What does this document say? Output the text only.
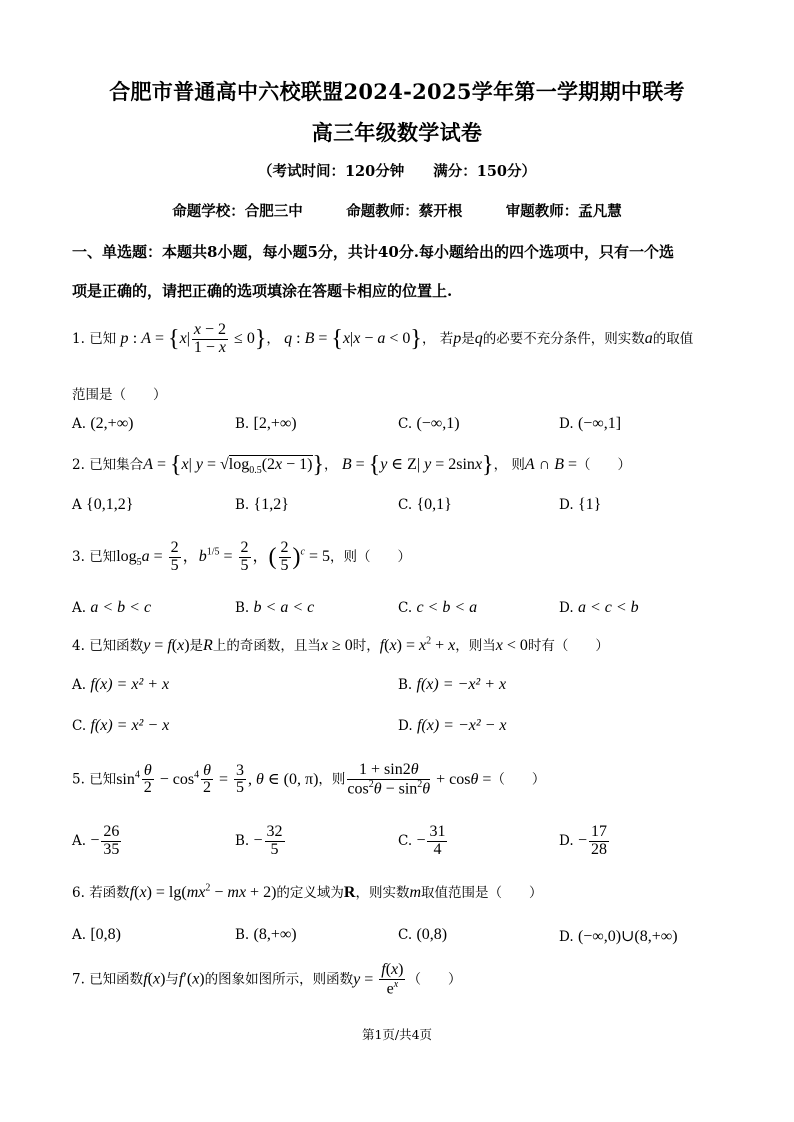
合肥市普通高中六校联盟2024-2025学年第一学期期中联考
高三年级数学试卷
（考试时间：120分钟　　满分：150分）
命题学校：合肥三中　　　命题教师：蔡开根　　　审题教师：孟凡慧
一、单选题：本题共8小题，每小题5分，共计40分.每小题给出的四个选项中，只有一个选
项是正确的，请把正确的选项填涂在答题卡相应的位置上.
1. 已知 p : $A = \{x| \frac{x - 2}{1 - x} \le 0\}$， q : B = {x|x − a < 0}， 若p是q的必要不充分条件，则实数a的取值
范围是（　　）
A. (2,+∞)	B. [2,+∞)	C. (−∞,1)	D. (−∞,1]
2. 已知集合A = {x| $y = √\log_{0.5}(2x - 1)$}， B = {y ∈ Z| y = 2sinx}， 则A ∩ B =（　　）
A {0,1,2}	B. {1,2}	C. {0,1}	D. {1}
3. 已知$\log_5a = \frac{2}{5}$ ，$b^{1/5} = \frac{2}{5}$ ，( $\frac{2}{5} )^c = 5$，则（　　）
A. a < b < c	B. b < a < c	C. c < b < a	D. a < c < b
4. 已知函数y = f(x)是R上的奇函数，且当x ≥ 0时，$f(x) = x^2 + x$，则当x < 0时有（　　）
A. f(x) = x² + x	B. f(x) = −x² + x
C. f(x) = x² − x	D. f(x) = −x² − x
5. 已知$\sin^4 \frac{\theta}{2} - \cos^4 \frac{\theta}{2} = \frac{3}{5}$ , θ ∈ (0, π)，则 $\frac{1 + \sin 2\theta}{\cos^2\theta - \sin^2\theta} + \cos\theta$ =（　　）
A. − $\frac{26}{35}$	B. − $\frac{32}{5}$	C. − $\frac{31}{4}$	D. − $\frac{17}{28}$
6. 若函数$f(x) = \lg(mx^2$ − mx + 2)的定义域为R，则实数m取值范围是（　　）
A. [0,8)	B. (8,+∞)	C. (0,8)	D. (−∞,0)∪(8,+∞)
7. 已知函数f(x)与f′(x)的图象如图所示，则函数$y = \frac{f(x)}{e^x}$ （　　）
第1页/共4页
